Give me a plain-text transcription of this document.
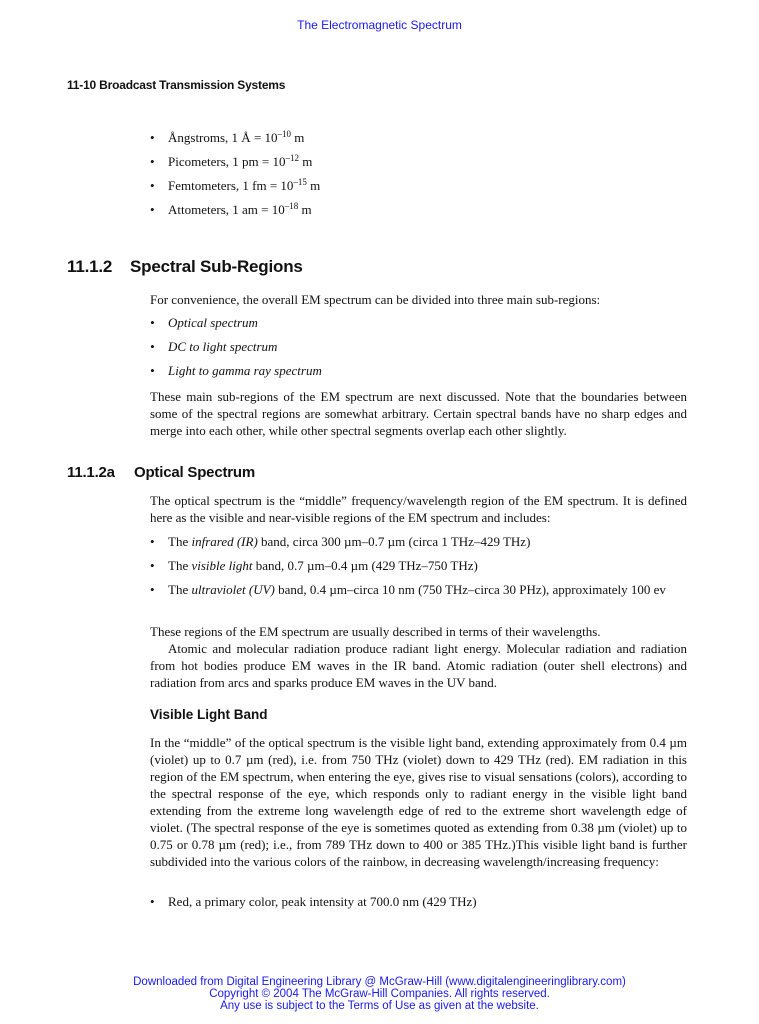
The Electromagnetic Spectrum
11-10 Broadcast Transmission Systems
• Ångstroms, 1 Å = $10^{-10}$ m
• Picometers, 1 pm = $10^{-12}$ m
• Femtometers, 1 fm = $10^{-15}$ m
• Attometers, 1 am = $10^{-18}$ m
11.1.2 Spectral Sub-Regions

For convenience, the overall EM spectrum can be divided into three main sub-regions:

• Optical spectrum
• DC to light spectrum
• Light to gamma ray spectrum

These main sub-regions of the EM spectrum are next discussed. Note that the boundaries between some of the spectral regions are somewhat arbitrary. Certain spectral bands have no sharp edges and merge into each other, while other spectral segments overlap each other slightly.

11.1.2a Optical Spectrum

The optical spectrum is the “middle” frequency/wavelength region of the EM spectrum. It is defined here as the visible and near-visible regions of the EM spectrum and includes:

• The infrared (IR) band, circa 300 µm–0.7 µm (circa 1 THz–429 THz)
• The visible light band, 0.7 µm–0.4 µm (429 THz–750 THz)
• The ultraviolet (UV) band, 0.4 µm–circa 10 nm (750 THz–circa 30 PHz), approximately 100 ev

These regions of the EM spectrum are usually described in terms of their wavelengths.

Atomic and molecular radiation produce radiant light energy. Molecular radiation and radiation from hot bodies produce EM waves in the IR band. Atomic radiation (outer shell electrons) and radiation from arcs and sparks produce EM waves in the UV band.

Visible Light Band

In the “middle” of the optical spectrum is the visible light band, extending approximately from 0.4 µm (violet) up to 0.7 µm (red), i.e. from 750 THz (violet) down to 429 THz (red). EM radiation in this region of the EM spectrum, when entering the eye, gives rise to visual sensations (colors), according to the spectral response of the eye, which responds only to radiant energy in the visible light band extending from the extreme long wavelength edge of red to the extreme short wavelength edge of violet. (The spectral response of the eye is sometimes quoted as extending from 0.38 µm (violet) up to 0.75 or 0.78 µm (red); i.e., from 789 THz down to 400 or 385 THz.)This visible light band is further subdivided into the various colors of the rainbow, in decreasing wavelength/increasing frequency:

• Red, a primary color, peak intensity at 700.0 nm (429 THz)
Downloaded from Digital Engineering Library @ McGraw-Hill (www.digitalengineeringlibrary.com)
Copyright © 2004 The McGraw-Hill Companies. All rights reserved.
Any use is subject to the Terms of Use as given at the website.
